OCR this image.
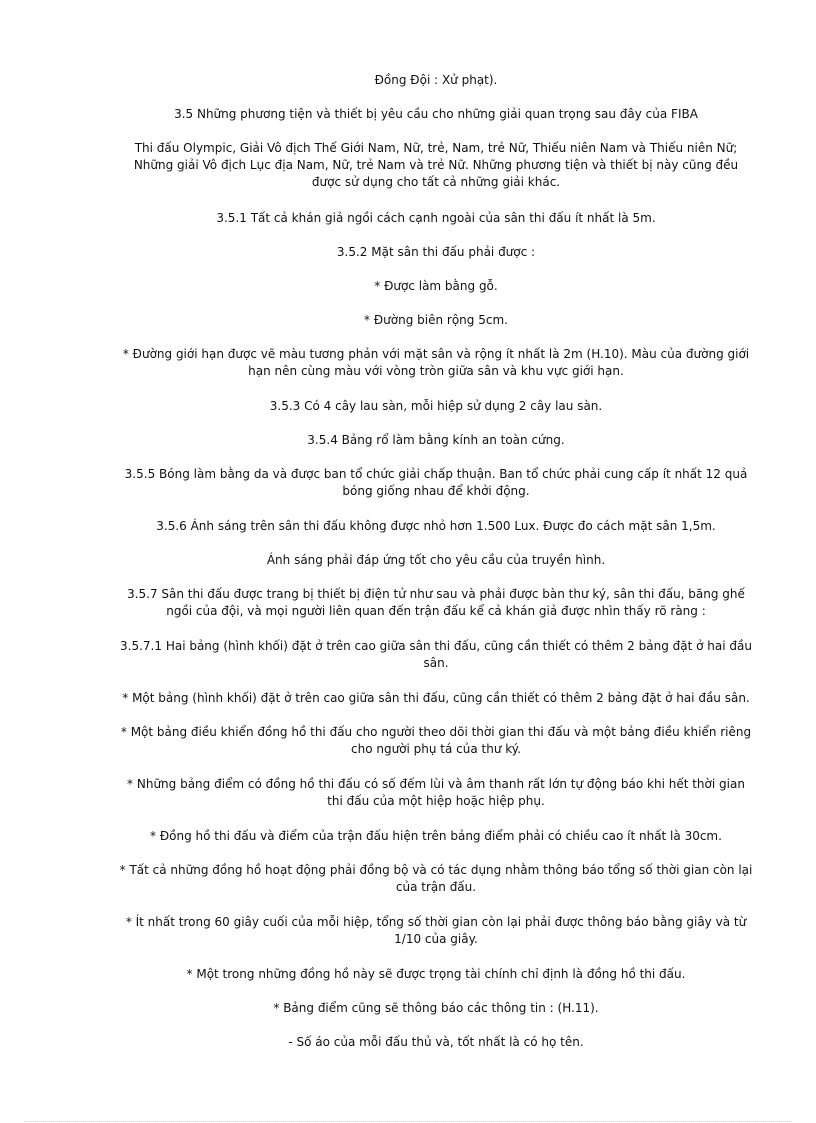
Đồng Đội : Xử phạt).

3.5 Những phương tiện và thiết bị yêu cầu cho những giải quan trọng sau đây của FIBA

Thi đấu Olympic, Giải Vô địch Thế Giới Nam, Nữ, trẻ, Nam, trẻ Nữ, Thiếu niên Nam và Thiếu niên Nữ; Những giải Vô địch Lục địa Nam, Nữ, trẻ Nam và trẻ Nữ. Những phương tiện và thiết bị này cũng đều được sử dụng cho tất cả những giải khác.

3.5.1 Tất cả khán giả ngồi cách cạnh ngoài của sân thi đấu ít nhất là 5m.

3.5.2 Mặt sân thi đấu phải được :

* Được làm bằng gỗ.

* Đường biên rộng 5cm.

* Đường giới hạn được vẽ màu tương phản với mặt sân và rộng ít nhất là 2m (H.10). Màu của đường giới hạn nên cùng màu với vòng tròn giữa sân và khu vực giới hạn.

3.5.3 Có 4 cây lau sàn, mỗi hiệp sử dụng 2 cây lau sàn.

3.5.4 Bảng rổ làm bằng kính an toàn cứng.

3.5.5 Bóng làm bằng da và được ban tổ chức giải chấp thuận. Ban tổ chức phải cung cấp ít nhất 12 quả bóng giống nhau để khởi động.

3.5.6 Ánh sáng trên sân thi đấu không được nhỏ hơn 1.500 Lux. Được đo cách mặt sân 1,5m.

Ánh sáng phải đáp ứng tốt cho yêu cầu của truyền hình.

3.5.7 Sân thi đấu được trang bị thiết bị điện tử như sau và phải được bàn thư ký, sân thi đấu, băng ghế ngồi của đội, và mọi người liên quan đến trận đấu kể cả khán giả được nhìn thấy rõ ràng :

3.5.7.1 Hai bảng (hình khối) đặt ở trên cao giữa sân thi đấu, cũng cần thiết có thêm 2 bảng đặt ở hai đầu sân.

* Một bảng (hình khối) đặt ở trên cao giữa sân thi đấu, cũng cần thiết có thêm 2 bảng đặt ở hai đầu sân.

* Một bảng điều khiển đồng hồ thi đấu cho người theo dõi thời gian thi đấu và một bảng điều khiển riêng cho người phụ tá của thư ký.

* Những bảng điểm có đồng hồ thi đấu có số đếm lùi và âm thanh rất lớn tự động báo khi hết thời gian thi đấu của một hiệp hoặc hiệp phụ.

* Đồng hồ thi đấu và điểm của trận đấu hiện trên bảng điểm phải có chiều cao ít nhất là 30cm.

* Tất cả những đồng hồ hoạt động phải đồng bộ và có tác dụng nhằm thông báo tổng số thời gian còn lại của trận đấu.

* Ít nhất trong 60 giây cuối của mỗi hiệp, tổng số thời gian còn lại phải được thông báo bằng giây và từ 1/10 của giây.

* Một trong những đồng hồ này sẽ được trọng tài chính chỉ định là đồng hồ thi đấu.

* Bảng điểm cũng sẽ thông báo các thông tin : (H.11).

- Số áo của mỗi đấu thủ và, tốt nhất là có họ tên.
